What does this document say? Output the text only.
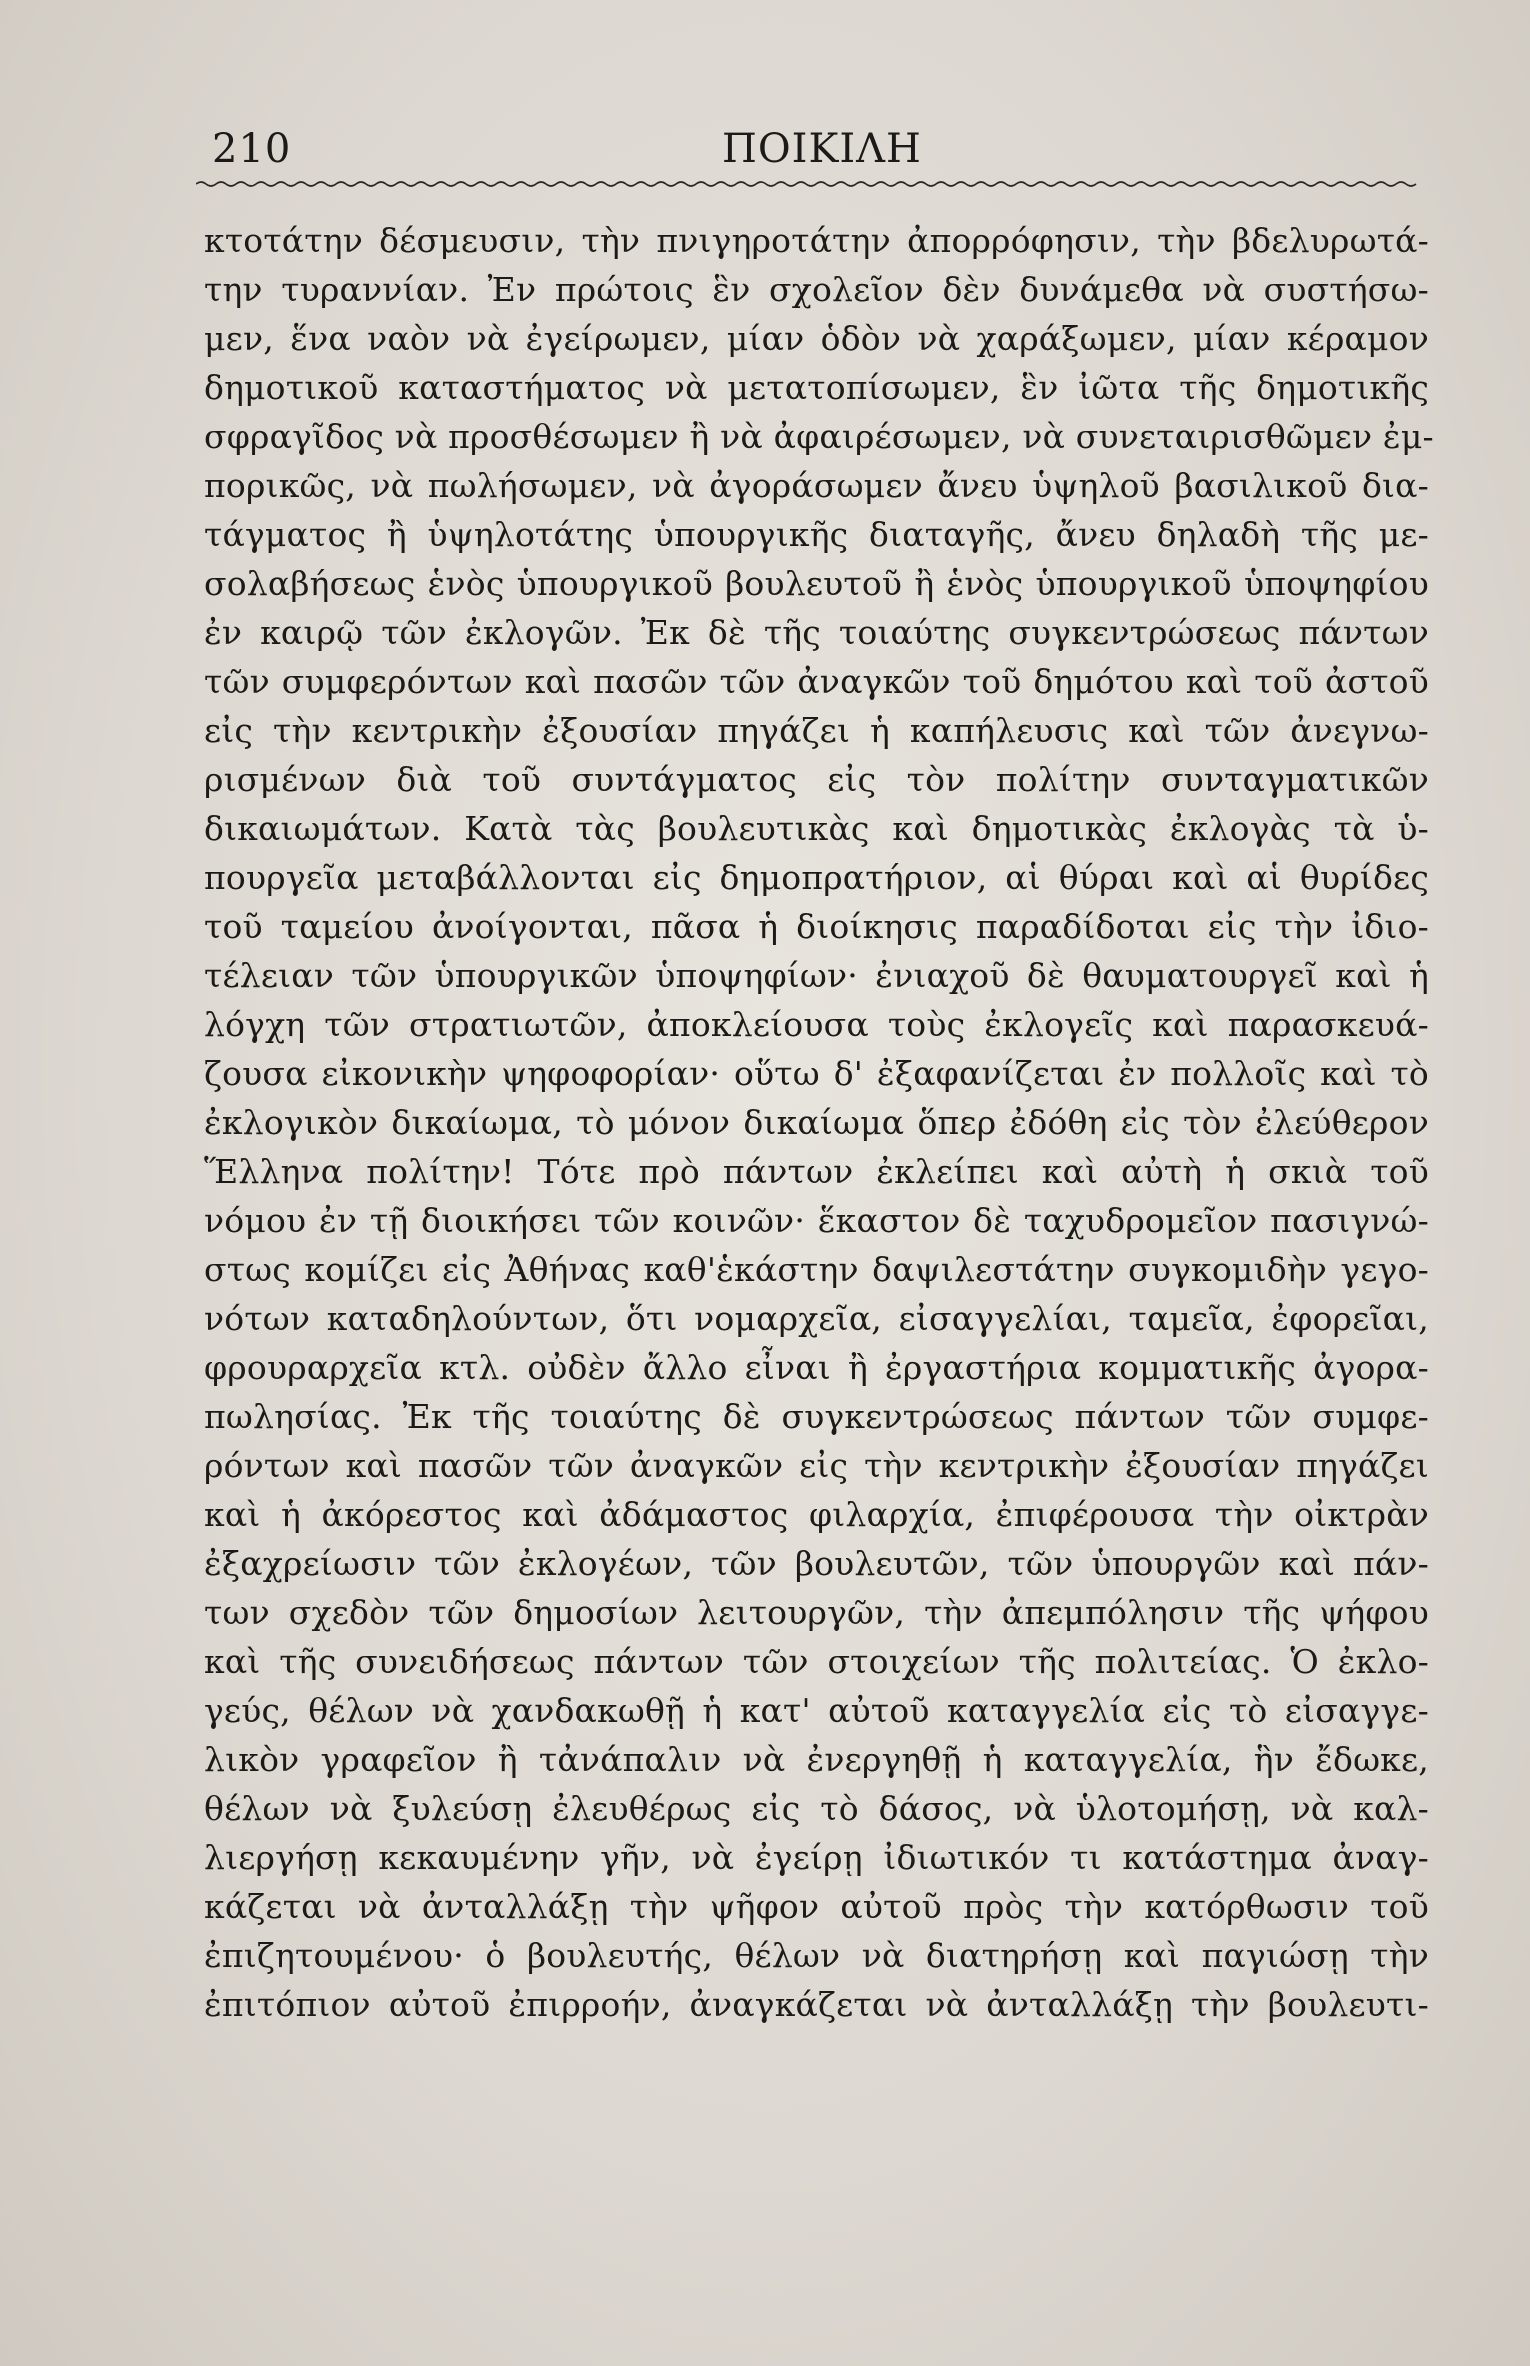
210	ΠΟΙΚΙΛΗ
κτοτάτην δέσμευσιν, τὴν πνιγηροτάτην ἀπορρόφησιν, τὴν βδελυρωτά-
την τυραννίαν. Ἐν πρώτοις ἓν σχολεῖον δὲν δυνάμεθα νὰ συστήσω-
μεν, ἕνα ναὸν νὰ ἐγείρωμεν, μίαν ὁδὸν νὰ χαράξωμεν, μίαν κέραμον
δημοτικοῦ καταστήματος νὰ μετατοπίσωμεν, ἓν ἰῶτα τῆς δημοτικῆς
σφραγῖδος νὰ προσθέσωμεν ἢ νὰ ἀφαιρέσωμεν, νὰ συνεταιρισθῶμεν ἐμ-
πορικῶς, νὰ πωλήσωμεν, νὰ ἀγοράσωμεν ἄνευ ὑψηλοῦ βασιλικοῦ δια-
τάγματος ἢ ὑψηλοτάτης ὑπουργικῆς διαταγῆς, ἄνευ δηλαδὴ τῆς με-
σολαβήσεως ἑνὸς ὑπουργικοῦ βουλευτοῦ ἢ ἑνὸς ὑπουργικοῦ ὑποψηφίου
ἐν καιρῷ τῶν ἐκλογῶν. Ἐκ δὲ τῆς τοιαύτης συγκεντρώσεως πάντων
τῶν συμφερόντων καὶ πασῶν τῶν ἀναγκῶν τοῦ δημότου καὶ τοῦ ἀστοῦ
εἰς τὴν κεντρικὴν ἐξουσίαν πηγάζει ἡ καπήλευσις καὶ τῶν ἀνεγνω-
ρισμένων διὰ τοῦ συντάγματος εἰς τὸν πολίτην συνταγματικῶν
δικαιωμάτων. Κατὰ τὰς βουλευτικὰς καὶ δημοτικὰς ἐκλογὰς τὰ ὑ-
πουργεῖα μεταβάλλονται εἰς δημοπρατήριον, αἱ θύραι καὶ αἱ θυρίδες
τοῦ ταμείου ἀνοίγονται, πᾶσα ἡ διοίκησις παραδίδοται εἰς τὴν ἰδιο-
τέλειαν τῶν ὑπουργικῶν ὑποψηφίων· ἐνιαχοῦ δὲ θαυματουργεῖ καὶ ἡ
λόγχη τῶν στρατιωτῶν, ἀποκλείουσα τοὺς ἐκλογεῖς καὶ παρασκευά-
ζουσα εἰκονικὴν ψηφοφορίαν· οὕτω δ' ἐξαφανίζεται ἐν πολλοῖς καὶ τὸ
ἐκλογικὸν δικαίωμα, τὸ μόνον δικαίωμα ὅπερ ἐδόθη εἰς τὸν ἐλεύθερον
Ἕλληνα πολίτην! Τότε πρὸ πάντων ἐκλείπει καὶ αὐτὴ ἡ σκιὰ τοῦ
νόμου ἐν τῇ διοικήσει τῶν κοινῶν· ἕκαστον δὲ ταχυδρομεῖον πασιγνώ-
στως κομίζει εἰς Ἀθήνας καθ'ἑκάστην δαψιλεστάτην συγκομιδὴν γεγο-
νότων καταδηλούντων, ὅτι νομαρχεῖα, εἰσαγγελίαι, ταμεῖα, ἐφορεῖαι,
φρουραρχεῖα κτλ. οὐδὲν ἄλλο εἶναι ἢ ἐργαστήρια κομματικῆς ἀγορα-
πωλησίας. Ἐκ τῆς τοιαύτης δὲ συγκεντρώσεως πάντων τῶν συμφε-
ρόντων καὶ πασῶν τῶν ἀναγκῶν εἰς τὴν κεντρικὴν ἐξουσίαν πηγάζει
καὶ ἡ ἀκόρεστος καὶ ἀδάμαστος φιλαρχία, ἐπιφέρουσα τὴν οἰκτρὰν
ἐξαχρείωσιν τῶν ἐκλογέων, τῶν βουλευτῶν, τῶν ὑπουργῶν καὶ πάν-
των σχεδὸν τῶν δημοσίων λειτουργῶν, τὴν ἀπεμπόλησιν τῆς ψήφου
καὶ τῆς συνειδήσεως πάντων τῶν στοιχείων τῆς πολιτείας. Ὁ ἐκλο-
γεύς, θέλων νὰ χανδακωθῇ ἡ κατ' αὐτοῦ καταγγελία εἰς τὸ εἰσαγγε-
λικὸν γραφεῖον ἢ τἀνάπαλιν νὰ ἐνεργηθῇ ἡ καταγγελία, ἣν ἔδωκε,
θέλων νὰ ξυλεύσῃ ἐλευθέρως εἰς τὸ δάσος, νὰ ὑλοτομήσῃ, νὰ καλ-
λιεργήσῃ κεκαυμένην γῆν, νὰ ἐγείρῃ ἰδιωτικόν τι κατάστημα ἀναγ-
κάζεται νὰ ἀνταλλάξῃ τὴν ψῆφον αὐτοῦ πρὸς τὴν κατόρθωσιν τοῦ
ἐπιζητουμένου· ὁ βουλευτής, θέλων νὰ διατηρήσῃ καὶ παγιώσῃ τὴν
ἐπιτόπιον αὐτοῦ ἐπιρροήν, ἀναγκάζεται νὰ ἀνταλλάξῃ τὴν βουλευτι-
